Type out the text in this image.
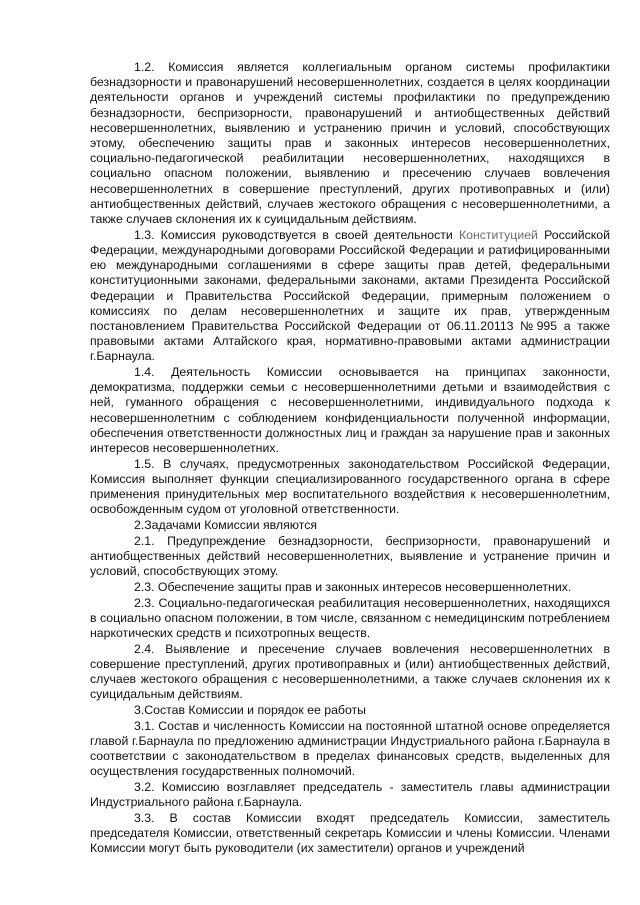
1.2. Комиссия является коллегиальным органом системы профилактики безнадзорности и правонарушений несовершеннолетних, создается в целях координации деятельности органов и учреждений системы профилактики по предупреждению безнадзорности, беспризорности, правонарушений и антиобщественных действий несовершеннолетних, выявлению и устранению причин и условий, способствующих этому, обеспечению защиты прав и законных интересов несовершеннолетних, социально-педагогической реабилитации несовершеннолетних, находящихся в социально опасном положении, выявлению и пресечению случаев вовлечения несовершеннолетних в совершение преступлений, других противоправных и (или) антиобщественных действий, случаев жестокого обращения с несовершеннолетними, а также случаев склонения их к суицидальным действиям.

1.3. Комиссия руководствуется в своей деятельности Конституцией Российской Федерации, международными договорами Российской Федерации и ратифицированными ею международными соглашениями в сфере защиты прав детей, федеральными конституционными законами, федеральными законами, актами Президента Российской Федерации и Правительства Российской Федерации, примерным положением о комиссиях по делам несовершеннолетних и защите их прав, утвержденным постановлением Правительства Российской Федерации от 06.11.20113 №995 а также правовыми актами Алтайского края, нормативно-правовыми актами администрации г.Барнаула.

1.4. Деятельность Комиссии основывается на принципах законности, демократизма, поддержки семьи с несовершеннолетними детьми и взаимодействия с ней, гуманного обращения с несовершеннолетними, индивидуального подхода к несовершеннолетним с соблюдением конфиденциальности полученной информации, обеспечения ответственности должностных лиц и граждан за нарушение прав и законных интересов несовершеннолетних.

1.5. В случаях, предусмотренных законодательством Российской Федерации, Комиссия выполняет функции специализированного государственного органа в сфере применения принудительных мер воспитательного воздействия к несовершеннолетним, освобожденным судом от уголовной ответственности.

2.Задачами Комиссии являются

2.1. Предупреждение безнадзорности, беспризорности, правонарушений и антиобщественных действий несовершеннолетних, выявление и устранение причин и условий, способствующих этому.

2.3. Обеспечение защиты прав и законных интересов несовершеннолетних.

2.3. Социально-педагогическая реабилитация несовершеннолетних, находящихся в социально опасном положении, в том числе, связанном с немедицинским потреблением наркотических средств и психотропных веществ.

2.4. Выявление и пресечение случаев вовлечения несовершеннолетних в совершение преступлений, других противоправных и (или) антиобщественных действий, случаев жестокого обращения с несовершеннолетними, а также случаев склонения их к суицидальным действиям.

3.Состав Комиссии и порядок ее работы

3.1. Состав и численность Комиссии на постоянной штатной основе определяется главой г.Барнаула по предложению администрации Индустриального района г.Барнаула в соответствии с законодательством в пределах финансовых средств, выделенных для осуществления государственных полномочий.

3.2. Комиссию возглавляет председатель - заместитель главы администрации Индустриального района г.Барнаула.

3.3. В состав Комиссии входят председатель Комиссии, заместитель председателя Комиссии, ответственный секретарь Комиссии и члены Комиссии. Членами Комиссии могут быть руководители (их заместители) органов и учреждений
